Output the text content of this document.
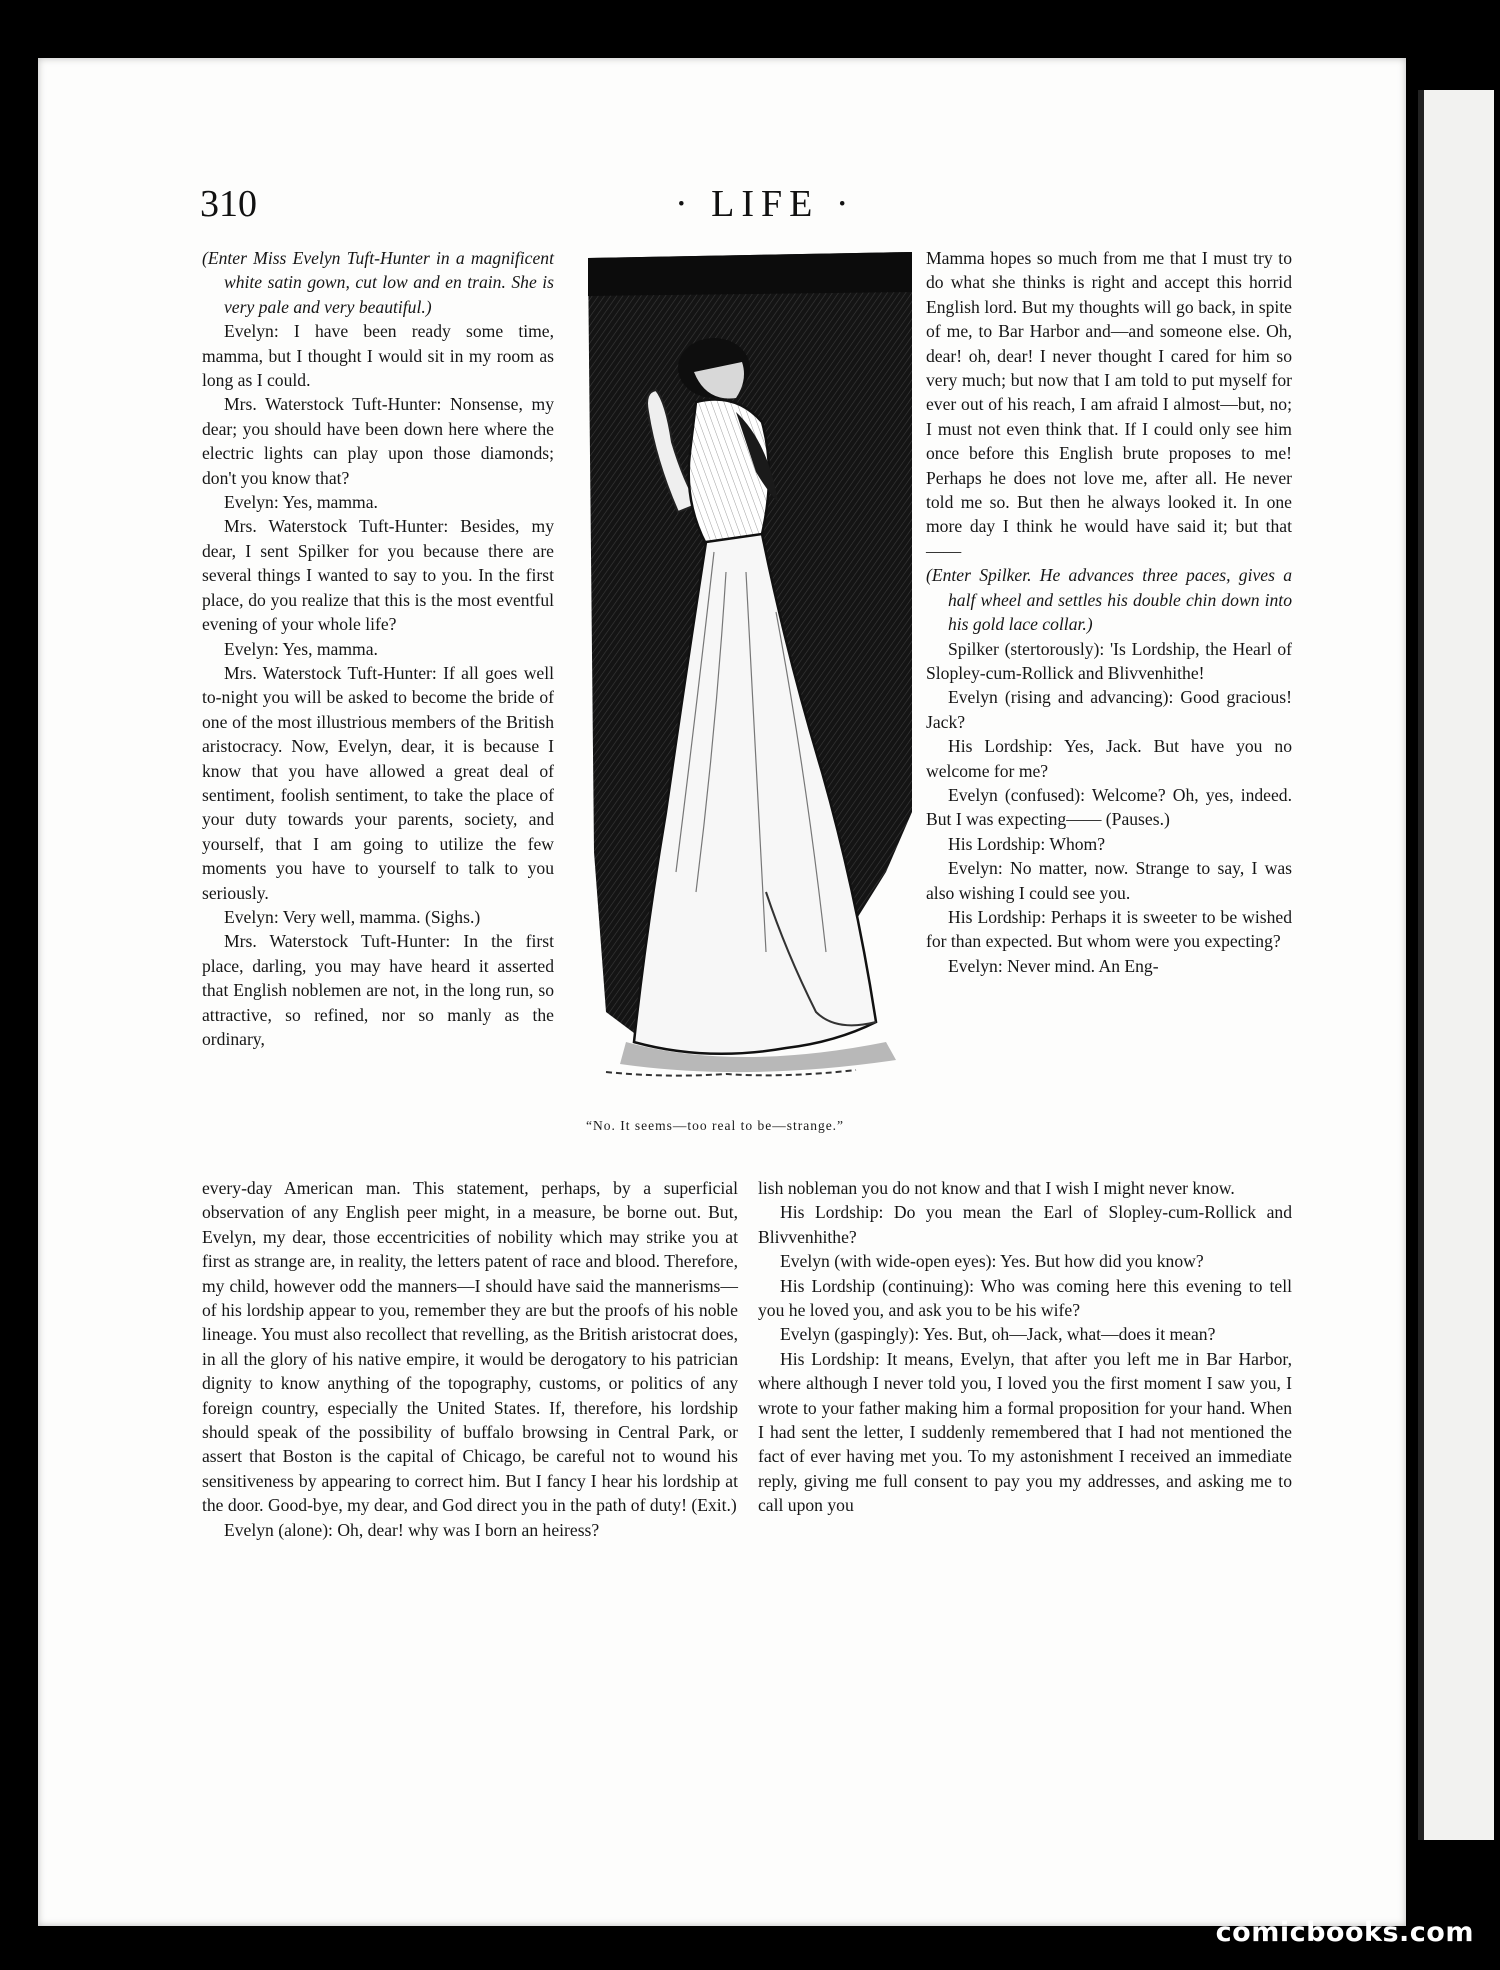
310	· LIFE ·

(Enter Miss Evelyn Tuft-Hunter in a magnificent white satin gown, cut low and en train. She is very pale and very beautiful.)

Evelyn: I have been ready some time, mamma, but I thought I would sit in my room as long as I could.

Mrs. Waterstock Tuft-Hunter: Nonsense, my dear; you should have been down here where the electric lights can play upon those diamonds; don't you know that?

Evelyn: Yes, mamma.

Mrs. Waterstock Tuft-Hunter: Besides, my dear, I sent Spilker for you because there are several things I wanted to say to you. In the first place, do you realize that this is the most eventful evening of your whole life?

Evelyn: Yes, mamma.

Mrs. Waterstock Tuft-Hunter: If all goes well to-night you will be asked to become the bride of one of the most illustrious members of the British aristocracy. Now, Evelyn, dear, it is because I know that you have allowed a great deal of sentiment, foolish sentiment, to take the place of your duty towards your parents, society, and yourself, that I am going to utilize the few moments you have to yourself to talk to you seriously.

Evelyn: Very well, mamma. (Sighs.)

Mrs. Waterstock Tuft-Hunter: In the first place, darling, you may have heard it asserted that English noblemen are not, in the long run, so attractive, so refined, nor so manly as the ordinary,

“No. It seems—too real to be—strange.”

Mamma hopes so much from me that I must try to do what she thinks is right and accept this horrid English lord. But my thoughts will go back, in spite of me, to Bar Harbor and—and someone else. Oh, dear! oh, dear! I never thought I cared for him so very much; but now that I am told to put myself for ever out of his reach, I am afraid I almost—but, no; I must not even think that. If I could only see him once before this English brute proposes to me! Perhaps he does not love me, after all. He never told me so. But then he always looked it. In one more day I think he would have said it; but that——

(Enter Spilker. He advances three paces, gives a half wheel and settles his double chin down into his gold lace collar.)

Spilker (stertorously): 'Is Lordship, the Hearl of Slopley-cum-Rollick and Blivvenhithe!

Evelyn (rising and advancing): Good gracious! Jack?

His Lordship: Yes, Jack. But have you no welcome for me?

Evelyn (confused): Welcome? Oh, yes, indeed. But I was expecting—— (Pauses.)

His Lordship: Whom?

Evelyn: No matter, now. Strange to say, I was also wishing I could see you.

His Lordship: Perhaps it is sweeter to be wished for than expected. But whom were you expecting?

Evelyn: Never mind. An Eng-

every-day American man. This statement, perhaps, by a superficial observation of any English peer might, in a measure, be borne out. But, Evelyn, my dear, those eccentricities of nobility which may strike you at first as strange are, in reality, the letters patent of race and blood. Therefore, my child, however odd the manners—I should have said the mannerisms—of his lordship appear to you, remember they are but the proofs of his noble lineage. You must also recollect that revelling, as the British aristocrat does, in all the glory of his native empire, it would be derogatory to his patrician dignity to know anything of the topography, customs, or politics of any foreign country, especially the United States. If, therefore, his lordship should speak of the possibility of buffalo browsing in Central Park, or assert that Boston is the capital of Chicago, be careful not to wound his sensitiveness by appearing to correct him. But I fancy I hear his lordship at the door. Good-bye, my dear, and God direct you in the path of duty! (Exit.)

Evelyn (alone): Oh, dear! why was I born an heiress?

lish nobleman you do not know and that I wish I might never know.

His Lordship: Do you mean the Earl of Slopley-cum-Rollick and Blivvenhithe?

Evelyn (with wide-open eyes): Yes. But how did you know?

His Lordship (continuing): Who was coming here this evening to tell you he loved you, and ask you to be his wife?

Evelyn (gaspingly): Yes. But, oh—Jack, what—does it mean?

His Lordship: It means, Evelyn, that after you left me in Bar Harbor, where although I never told you, I loved you the first moment I saw you, I wrote to your father making him a formal proposition for your hand. When I had sent the letter, I suddenly remembered that I had not mentioned the fact of ever having met you. To my astonishment I received an immediate reply, giving me full consent to pay you my addresses, and asking me to call upon you

comicbooks.com
